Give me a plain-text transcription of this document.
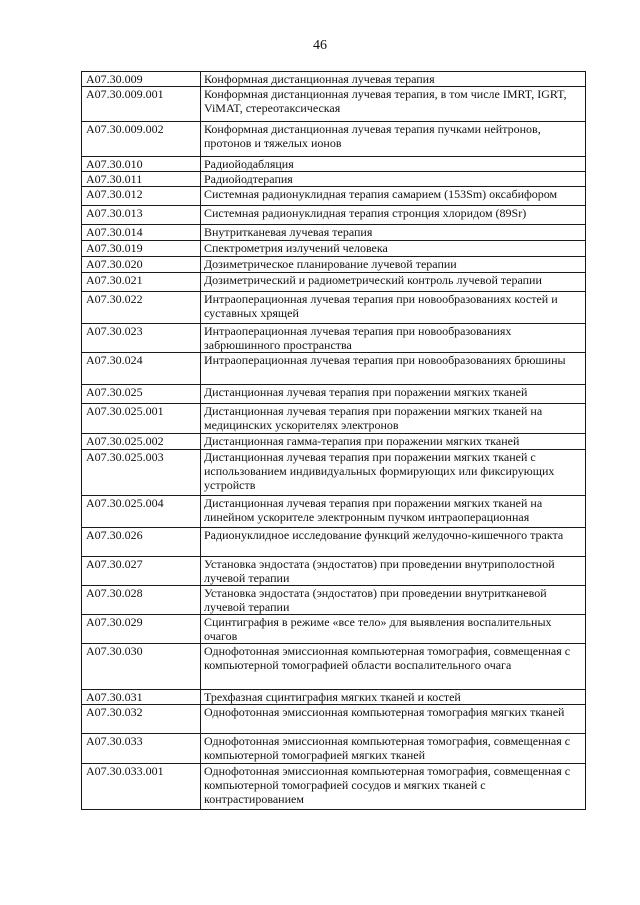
46
A07.30.009	Конформная дистанционная лучевая терапия
A07.30.009.001	Конформная дистанционная лучевая терапия, в том числе IMRT, IGRT, ViMAT, стереотаксическая
A07.30.009.002	Конформная дистанционная лучевая терапия пучками нейтронов, протонов и тяжелых ионов
A07.30.010	Радиойодабляция
A07.30.011	Радиойодтерапия
A07.30.012	Системная радионуклидная терапия самарием (153Sm) оксабифором
A07.30.013	Системная радионуклидная терапия стронция хлоридом (89Sr)
A07.30.014	Внутритканевая лучевая терапия
A07.30.019	Спектрометрия излучений человека
A07.30.020	Дозиметрическое планирование лучевой терапии
A07.30.021	Дозиметрический и радиометрический контроль лучевой терапии
A07.30.022	Интраоперационная лучевая терапия при новообразованиях костей и суставных хрящей
A07.30.023	Интраоперационная лучевая терапия при новообразованиях забрюшинного пространства
A07.30.024	Интраоперационная лучевая терапия при новообразованиях брюшины
A07.30.025	Дистанционная лучевая терапия при поражении мягких тканей
A07.30.025.001	Дистанционная лучевая терапия при поражении мягких тканей на медицинских ускорителях электронов
A07.30.025.002	Дистанционная гамма-терапия при поражении мягких тканей
A07.30.025.003	Дистанционная лучевая терапия при поражении мягких тканей с использованием индивидуальных формирующих или фиксирующих устройств
A07.30.025.004	Дистанционная лучевая терапия при поражении мягких тканей на линейном ускорителе электронным пучком интраоперационная
A07.30.026	Радионуклидное исследование функций желудочно-кишечного тракта
A07.30.027	Установка эндостата (эндостатов) при проведении внутриполостной лучевой терапии
A07.30.028	Установка эндостата (эндостатов) при проведении внутритканевой лучевой терапии
A07.30.029	Сцинтиграфия в режиме «все тело» для выявления воспалительных очагов
A07.30.030	Однофотонная эмиссионная компьютерная томография, совмещенная с компьютерной томографией области воспалительного очага
A07.30.031	Трехфазная сцинтиграфия мягких тканей и костей
A07.30.032	Однофотонная эмиссионная компьютерная томография мягких тканей
A07.30.033	Однофотонная эмиссионная компьютерная томография, совмещенная с компьютерной томографией мягких тканей
A07.30.033.001	Однофотонная эмиссионная компьютерная томография, совмещенная с компьютерной томографией сосудов и мягких тканей с контрастированием
